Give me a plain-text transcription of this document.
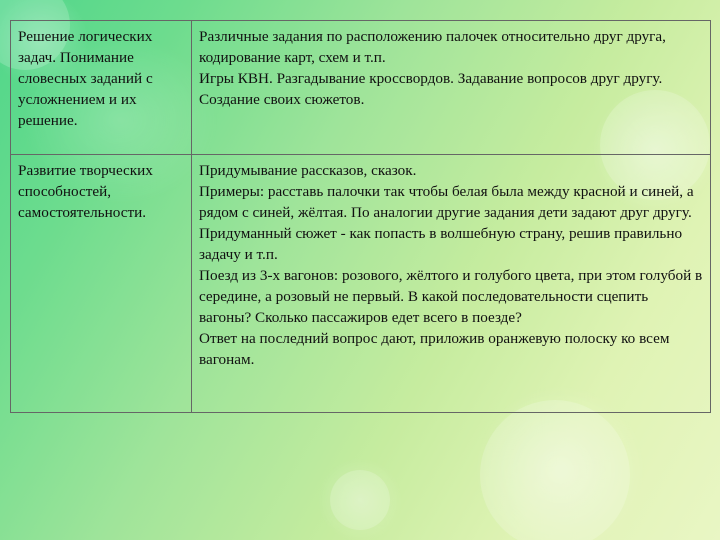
Решение логических задач. Понимание словесных заданий с усложнением и их решение.	Различные задания по расположению палочек относительно друг друга, кодирование карт, схем и т.п.
Игры КВН. Разгадывание кроссвордов. Задавание вопросов друг другу. Создание своих сюжетов.
Развитие творческих способностей, самостоятельности.	Придумывание рассказов, сказок.
Примеры: расставь палочки так чтобы белая была между красной и синей, а рядом с синей, жёлтая. По аналогии другие задания дети задают друг другу.
Придуманный сюжет - как попасть в волшебную страну, решив правильно задачу и т.п.
Поезд из 3-х вагонов: розового, жёлтого и голубого цвета, при этом голубой в середине, а розовый не первый. В какой последовательности сцепить вагоны? Сколько пассажиров едет всего в поезде?
Ответ на последний вопрос дают, приложив оранжевую полоску ко всем вагонам.
